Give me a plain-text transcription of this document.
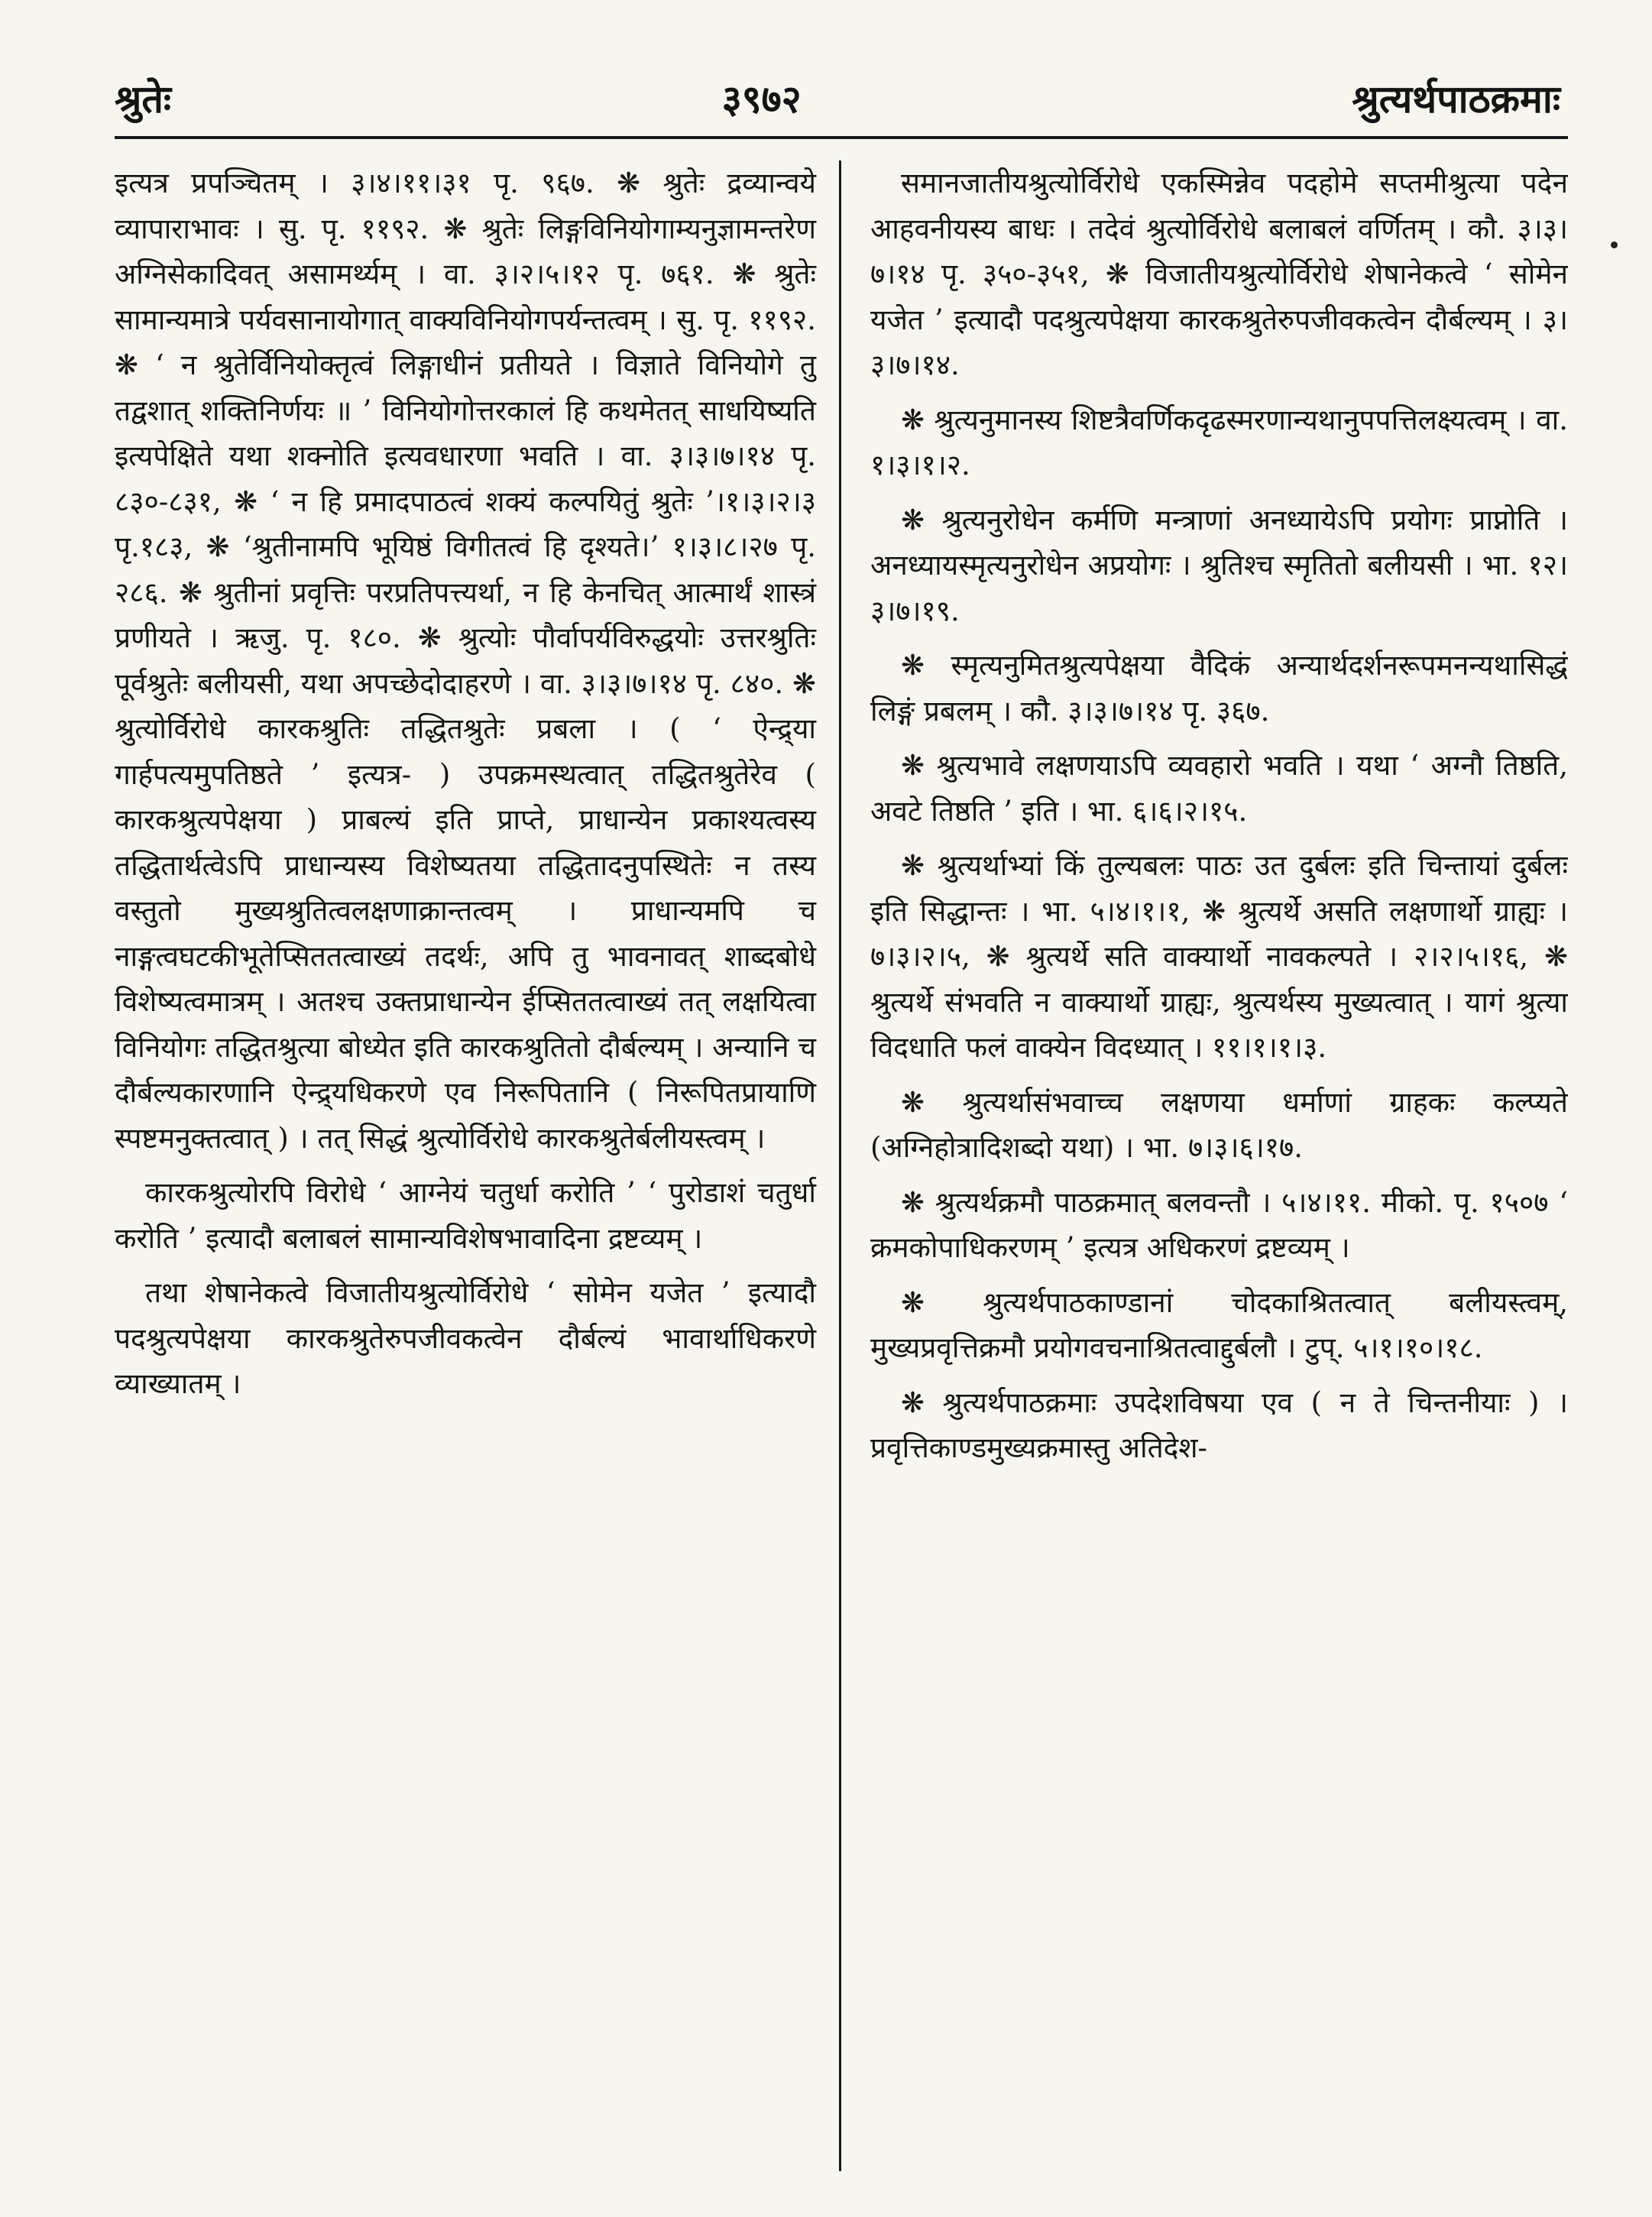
श्रुतेः	३९७२	श्रुत्यर्थपाठक्रमाः

इत्यत्र प्रपञ्चितम् । ३।४।११।३१ पृ. ९६७. ❋ श्रुतेः द्रव्यान्वये व्यापाराभावः । सु. पृ. ११९२. ❋ श्रुतेः लिङ्गविनियोगाम्यनुज्ञामन्तरेण अग्निसेकादिवत् असामर्थ्यम् । वा. ३।२।५।१२ पृ. ७६१. ❋ श्रुतेः सामान्यमात्रे पर्यवसानायोगात् वाक्यविनियोगपर्यन्तत्वम् । सु. पृ. ११९२. ❋ ‘ न श्रुतेर्विनियोक्तृत्वं लिङ्गाधीनं प्रतीयते । विज्ञाते विनियोगे तु तद्वशात् शक्तिनिर्णयः ॥ ’ विनियोगोत्तरकालं हि कथमेतत् साधयिष्यति इत्यपेक्षिते यथा शक्नोति इत्यवधारणा भवति । वा. ३।३।७।१४ पृ. ८३०-८३१, ❋ ‘ न हि प्रमादपाठत्वं शक्यं कल्पयितुं श्रुतेः ’।१।३।२।३ पृ.१८३, ❋ ‘श्रुतीनामपि भूयिष्ठं विगीतत्वं हि दृश्यते।’ १।३।८।२७ पृ. २८६. ❋ श्रुतीनां प्रवृत्तिः परप्रतिपत्त्यर्था, न हि केनचित् आत्मार्थं शास्त्रं प्रणीयते । ऋजु. पृ. १८०. ❋ श्रुत्योः पौर्वापर्यविरुद्धयोः उत्तरश्रुतिः पूर्वश्रुतेः बलीयसी, यथा अपच्छेदोदाहरणे । वा. ३।३।७।१४ पृ. ८४०. ❋ श्रुत्योर्विरोधे कारकश्रुतिः तद्धितश्रुतेः प्रबला । ( ‘ ऐन्द्र्या गार्हपत्यमुपतिष्ठते ’ इत्यत्र- ) उपक्रमस्थत्वात् तद्धितश्रुतेरेव ( कारकश्रुत्यपेक्षया ) प्राबल्यं इति प्राप्ते, प्राधान्येन प्रकाश्यत्वस्य तद्धितार्थत्वेऽपि प्राधान्यस्य विशेष्यतया तद्धितादनुपस्थितेः न तस्य वस्तुतो मुख्यश्रुतित्वलक्षणाक्रान्तत्वम् । प्राधान्यमपि च नाङ्गत्वघटकीभूतेप्सिततत्वाख्यं तदर्थः, अपि तु भावनावत् शाब्दबोधे विशेष्यत्वमात्रम् । अतश्च उक्तप्राधान्येन ईप्सिततत्वाख्यं तत् लक्षयित्वा विनियोगः तद्धितश्रुत्या बोध्येत इति कारकश्रुतितो दौर्बल्यम् । अन्यानि च दौर्बल्यकारणानि ऐन्द्र्यधिकरणे एव निरूपितानि ( निरूपितप्रायाणि स्पष्टमनुक्तत्वात् ) । तत् सिद्धं श्रुत्योर्विरोधे कारकश्रुतेर्बलीयस्त्वम् ।

कारकश्रुत्योरपि विरोधे ‘ आग्नेयं चतुर्धा करोति ’ ‘ पुरोडाशं चतुर्धा करोति ’ इत्यादौ बलाबलं सामान्यविशेषभावादिना द्रष्टव्यम् ।

तथा शेषानेकत्वे विजातीयश्रुत्योर्विरोधे ‘ सोमेन यजेत ’ इत्यादौ पदश्रुत्यपेक्षया कारकश्रुतेरुपजीवकत्वेन दौर्बल्यं भावार्थाधिकरणे व्याख्यातम् ।

समानजातीयश्रुत्योर्विरोधे एकस्मिन्नेव पदहोमे सप्तमीश्रुत्या पदेन आहवनीयस्य बाधः । तदेवं श्रुत्योर्विरोधे बलाबलं वर्णितम् । कौ. ३।३।७।१४ पृ. ३५०-३५१, ❋ विजातीयश्रुत्योर्विरोधे शेषानेकत्वे ‘ सोमेन यजेत ’ इत्यादौ पदश्रुत्यपेक्षया कारकश्रुतेरुपजीवकत्वेन दौर्बल्यम् । ३।३।७।१४.

❋ श्रुत्यनुमानस्य शिष्टत्रैवर्णिकदृढस्मरणान्यथानुपपत्तिलक्ष्यत्वम् । वा. १।३।१।२.

❋ श्रुत्यनुरोधेन कर्मणि मन्त्राणां अनध्यायेऽपि प्रयोगः प्राप्नोति । अनध्यायस्मृत्यनुरोधेन अप्रयोगः । श्रुतिश्च स्मृतितो बलीयसी । भा. १२।३।७।१९.

❋ स्मृत्यनुमितश्रुत्यपेक्षया वैदिकं अन्यार्थदर्शनरूपमनन्यथासिद्धं लिङ्गं प्रबलम् । कौ. ३।३।७।१४ पृ. ३६७.

❋ श्रुत्यभावे लक्षणयाऽपि व्यवहारो भवति । यथा ‘ अग्नौ तिष्ठति, अवटे तिष्ठति ’ इति । भा. ६।६।२।१५.

❋ श्रुत्यर्थाभ्यां किं तुल्यबलः पाठः उत दुर्बलः इति चिन्तायां दुर्बलः इति सिद्धान्तः । भा. ५।४।१।१, ❋ श्रुत्यर्थे असति लक्षणार्थो ग्राह्यः । ७।३।२।५, ❋ श्रुत्यर्थे सति वाक्यार्थो नावकल्पते । २।२।५।१६, ❋ श्रुत्यर्थे संभवति न वाक्यार्थो ग्राह्यः, श्रुत्यर्थस्य मुख्यत्वात् । यागं श्रुत्या विदधाति फलं वाक्येन विदध्यात् । ११।१।१।३.

❋ श्रुत्यर्थासंभवाच्च लक्षणया धर्माणां ग्राहकः कल्प्यते (अग्निहोत्रादिशब्दो यथा) । भा. ७।३।६।१७.

❋ श्रुत्यर्थक्रमौ पाठक्रमात् बलवन्तौ । ५।४।११. मीको. पृ. १५०७ ‘ क्रमकोपाधिकरणम् ’ इत्यत्र अधिकरणं द्रष्टव्यम् ।

❋ श्रुत्यर्थपाठकाण्डानां चोदकाश्रितत्वात् बलीयस्त्वम्, मुख्यप्रवृत्तिक्रमौ प्रयोगवचनाश्रितत्वाद्दुर्बलौ । टुप्. ५।१।१०।१८.

❋ श्रुत्यर्थपाठक्रमाः उपदेशविषया एव ( न ते चिन्तनीयाः ) । प्रवृत्तिकाण्डमुख्यक्रमास्तु अतिदेश-
